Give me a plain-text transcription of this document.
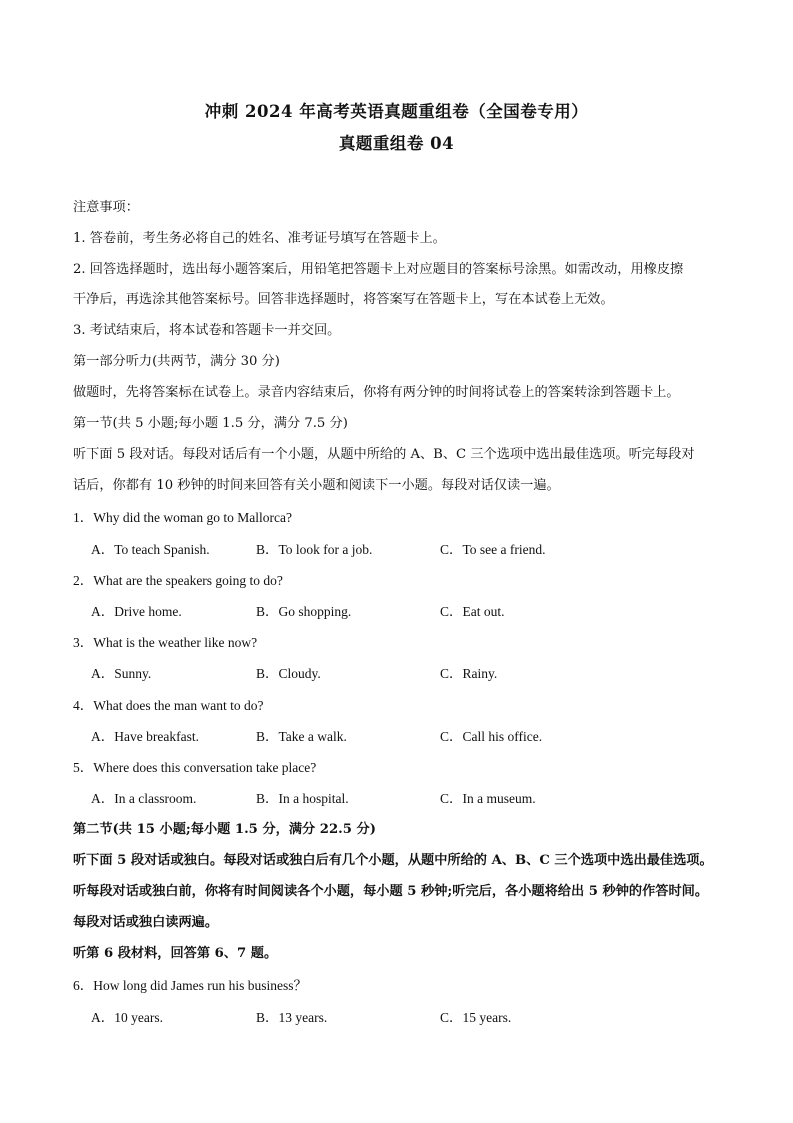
冲刺 2024 年高考英语真题重组卷（全国卷专用）
真题重组卷 04
注意事项：
1. 答卷前，考生务必将自己的姓名、准考证号填写在答题卡上。
2. 回答选择题时，选出每小题答案后，用铅笔把答题卡上对应题目的答案标号涂黑。如需改动，用橡皮擦
干净后，再选涂其他答案标号。回答非选择题时，将答案写在答题卡上，写在本试卷上无效。
3. 考试结束后，将本试卷和答题卡一并交回。
第一部分听力(共两节，满分 30 分)
做题时，先将答案标在试卷上。录音内容结束后，你将有两分钟的时间将试卷上的答案转涂到答题卡上。
第一节(共 5 小题;每小题 1.5 分，满分 7.5 分)
听下面 5 段对话。每段对话后有一个小题，从题中所给的 A、B、C 三个选项中选出最佳选项。听完每段对
话后，你都有 10 秒钟的时间来回答有关小题和阅读下一小题。每段对话仅读一遍。
1．Why did the woman go to Mallorca?
A．To teach Spanish.	B．To look for a job.	C．To see a friend.
2．What are the speakers going to do?
A．Drive home.	B．Go shopping.	C．Eat out.
3．What is the weather like now?
A．Sunny.	B．Cloudy.	C．Rainy.
4．What does the man want to do?
A．Have breakfast.	B．Take a walk.	C．Call his office.
5．Where does this conversation take place?
A．In a classroom.	B．In a hospital.	C．In a museum.
第二节(共 15 小题;每小题 1.5 分，满分 22.5 分)
听下面 5 段对话或独白。每段对话或独白后有几个小题，从题中所给的 A、B、C 三个选项中选出最佳选项。
听每段对话或独白前，你将有时间阅读各个小题，每小题 5 秒钟;听完后，各小题将给出 5 秒钟的作答时间。
每段对话或独白读两遍。
听第 6 段材料，回答第 6、7 题。
6．How long did James run his business？
A．10 years.	B．13 years.	C．15 years.
